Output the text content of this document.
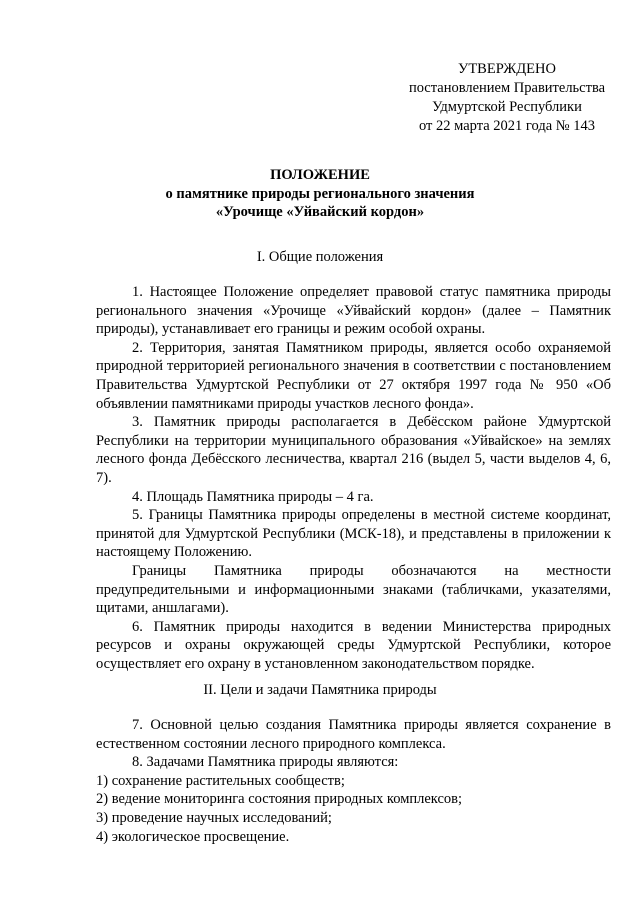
УТВЕРЖДЕНО
постановлением Правительства
Удмуртской Республики
от 22 марта 2021 года № 143
ПОЛОЖЕНИЕ
о памятнике природы регионального значения
«Урочище «Уйвайский кордон»
I. Общие положения

1. Настоящее Положение определяет правовой статус памятника природы регионального значения «Урочище «Уйвайский кордон» (далее – Памятник природы), устанавливает его границы и режим особой охраны.

2. Территория, занятая Памятником природы, является особо охраняемой природной территорией регионального значения в соответствии с постановлением Правительства Удмуртской Республики от 27 октября 1997 года № 950 «Об объявлении памятниками природы участков лесного фонда».

3. Памятник природы располагается в Дебёсском районе Удмуртской Республики на территории муниципального образования «Уйвайское» на землях лесного фонда Дебёсского лесничества, квартал 216 (выдел 5, части выделов 4, 6, 7).

4. Площадь Памятника природы – 4 га.

5. Границы Памятника природы определены в местной системе координат, принятой для Удмуртской Республики (МСК-18), и представлены в приложении к настоящему Положению.

Границы Памятника природы обозначаются на местности предупредительными и информационными знаками (табличками, указателями, щитами, аншлагами).

6. Памятник природы находится в ведении Министерства природных ресурсов и охраны окружающей среды Удмуртской Республики, которое осуществляет его охрану в установленном законодательством порядке.

II. Цели и задачи Памятника природы

7. Основной целью создания Памятника природы является сохранение в естественном состоянии лесного природного комплекса.

8. Задачами Памятника природы являются:

1) сохранение растительных сообществ;

2) ведение мониторинга состояния природных комплексов;

3) проведение научных исследований;

4) экологическое просвещение.
